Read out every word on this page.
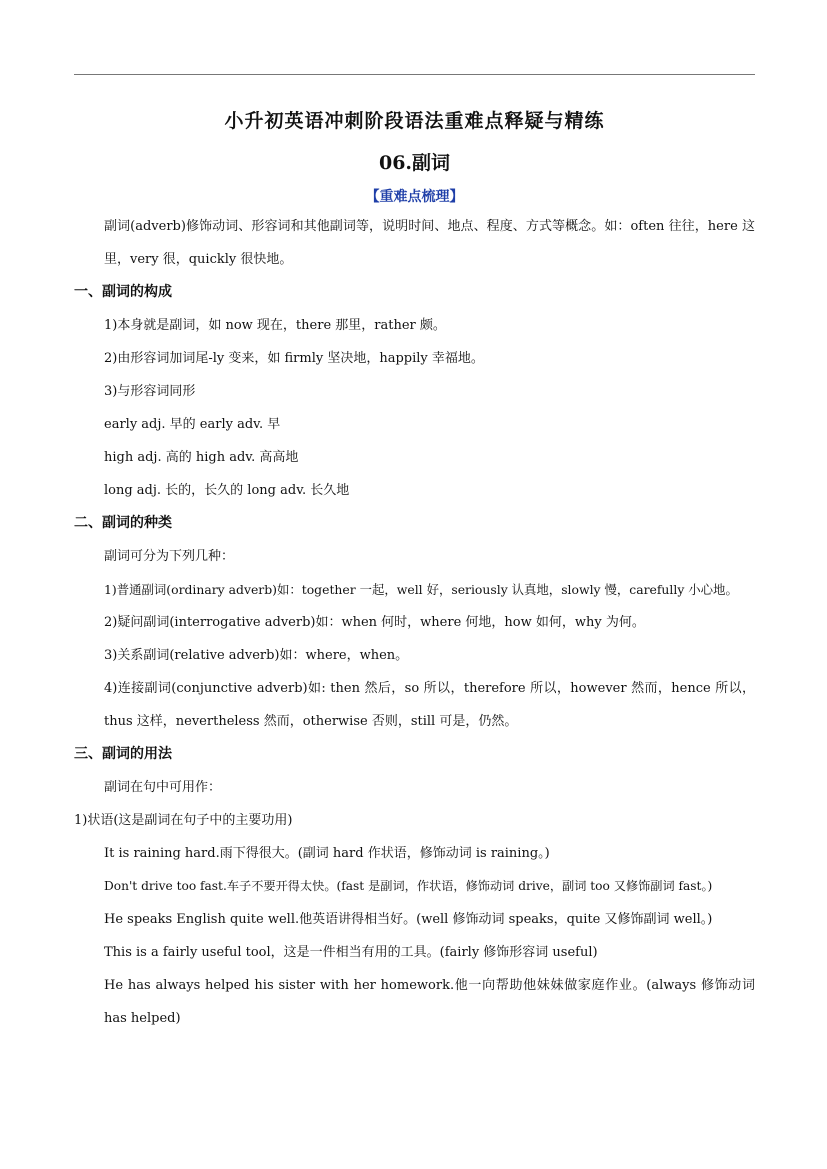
小升初英语冲刺阶段语法重难点释疑与精练
06.副词
【重难点梳理】

副词(adverb)修饰动词、形容词和其他副词等，说明时间、地点、程度、方式等概念。如：often 往往，here 这里，very 很，quickly 很快地。

一、副词的构成

1)本身就是副词，如 now 现在，there 那里，rather 颇。

2)由形容词加词尾-ly 变来，如 firmly 坚决地，happily 幸福地。

3)与形容词同形

early adj. 早的 early adv. 早

high adj. 高的 high adv. 高高地

long adj. 长的，长久的 long adv. 长久地

二、副词的种类

副词可分为下列几种：

1)普通副词(ordinary adverb)如：together 一起，well 好，seriously 认真地，slowly 慢，carefully 小心地。

2)疑问副词(interrogative adverb)如：when 何时，where 何地，how 如何，why 为何。

3)关系副词(relative adverb)如：where，when。

4)连接副词(conjunctive adverb)如: then 然后，so 所以，therefore 所以，however 然而，hence 所以，thus 这样，nevertheless 然而，otherwise 否则，still 可是，仍然。

三、副词的用法

副词在句中可用作：

1)状语(这是副词在句子中的主要功用)

It is raining hard.雨下得很大。(副词 hard 作状语，修饰动词 is raining。)

Don't drive too fast.车子不要开得太快。(fast 是副词，作状语，修饰动词 drive，副词 too 又修饰副词 fast。)

He speaks English quite well.他英语讲得相当好。(well 修饰动词 speaks，quite 又修饰副词 well。)

This is a fairly useful tool，这是一件相当有用的工具。(fairly 修饰形容词 useful)

He has always helped his sister with her homework.他一向帮助他妹妹做家庭作业。(always 修饰动词 has helped)
